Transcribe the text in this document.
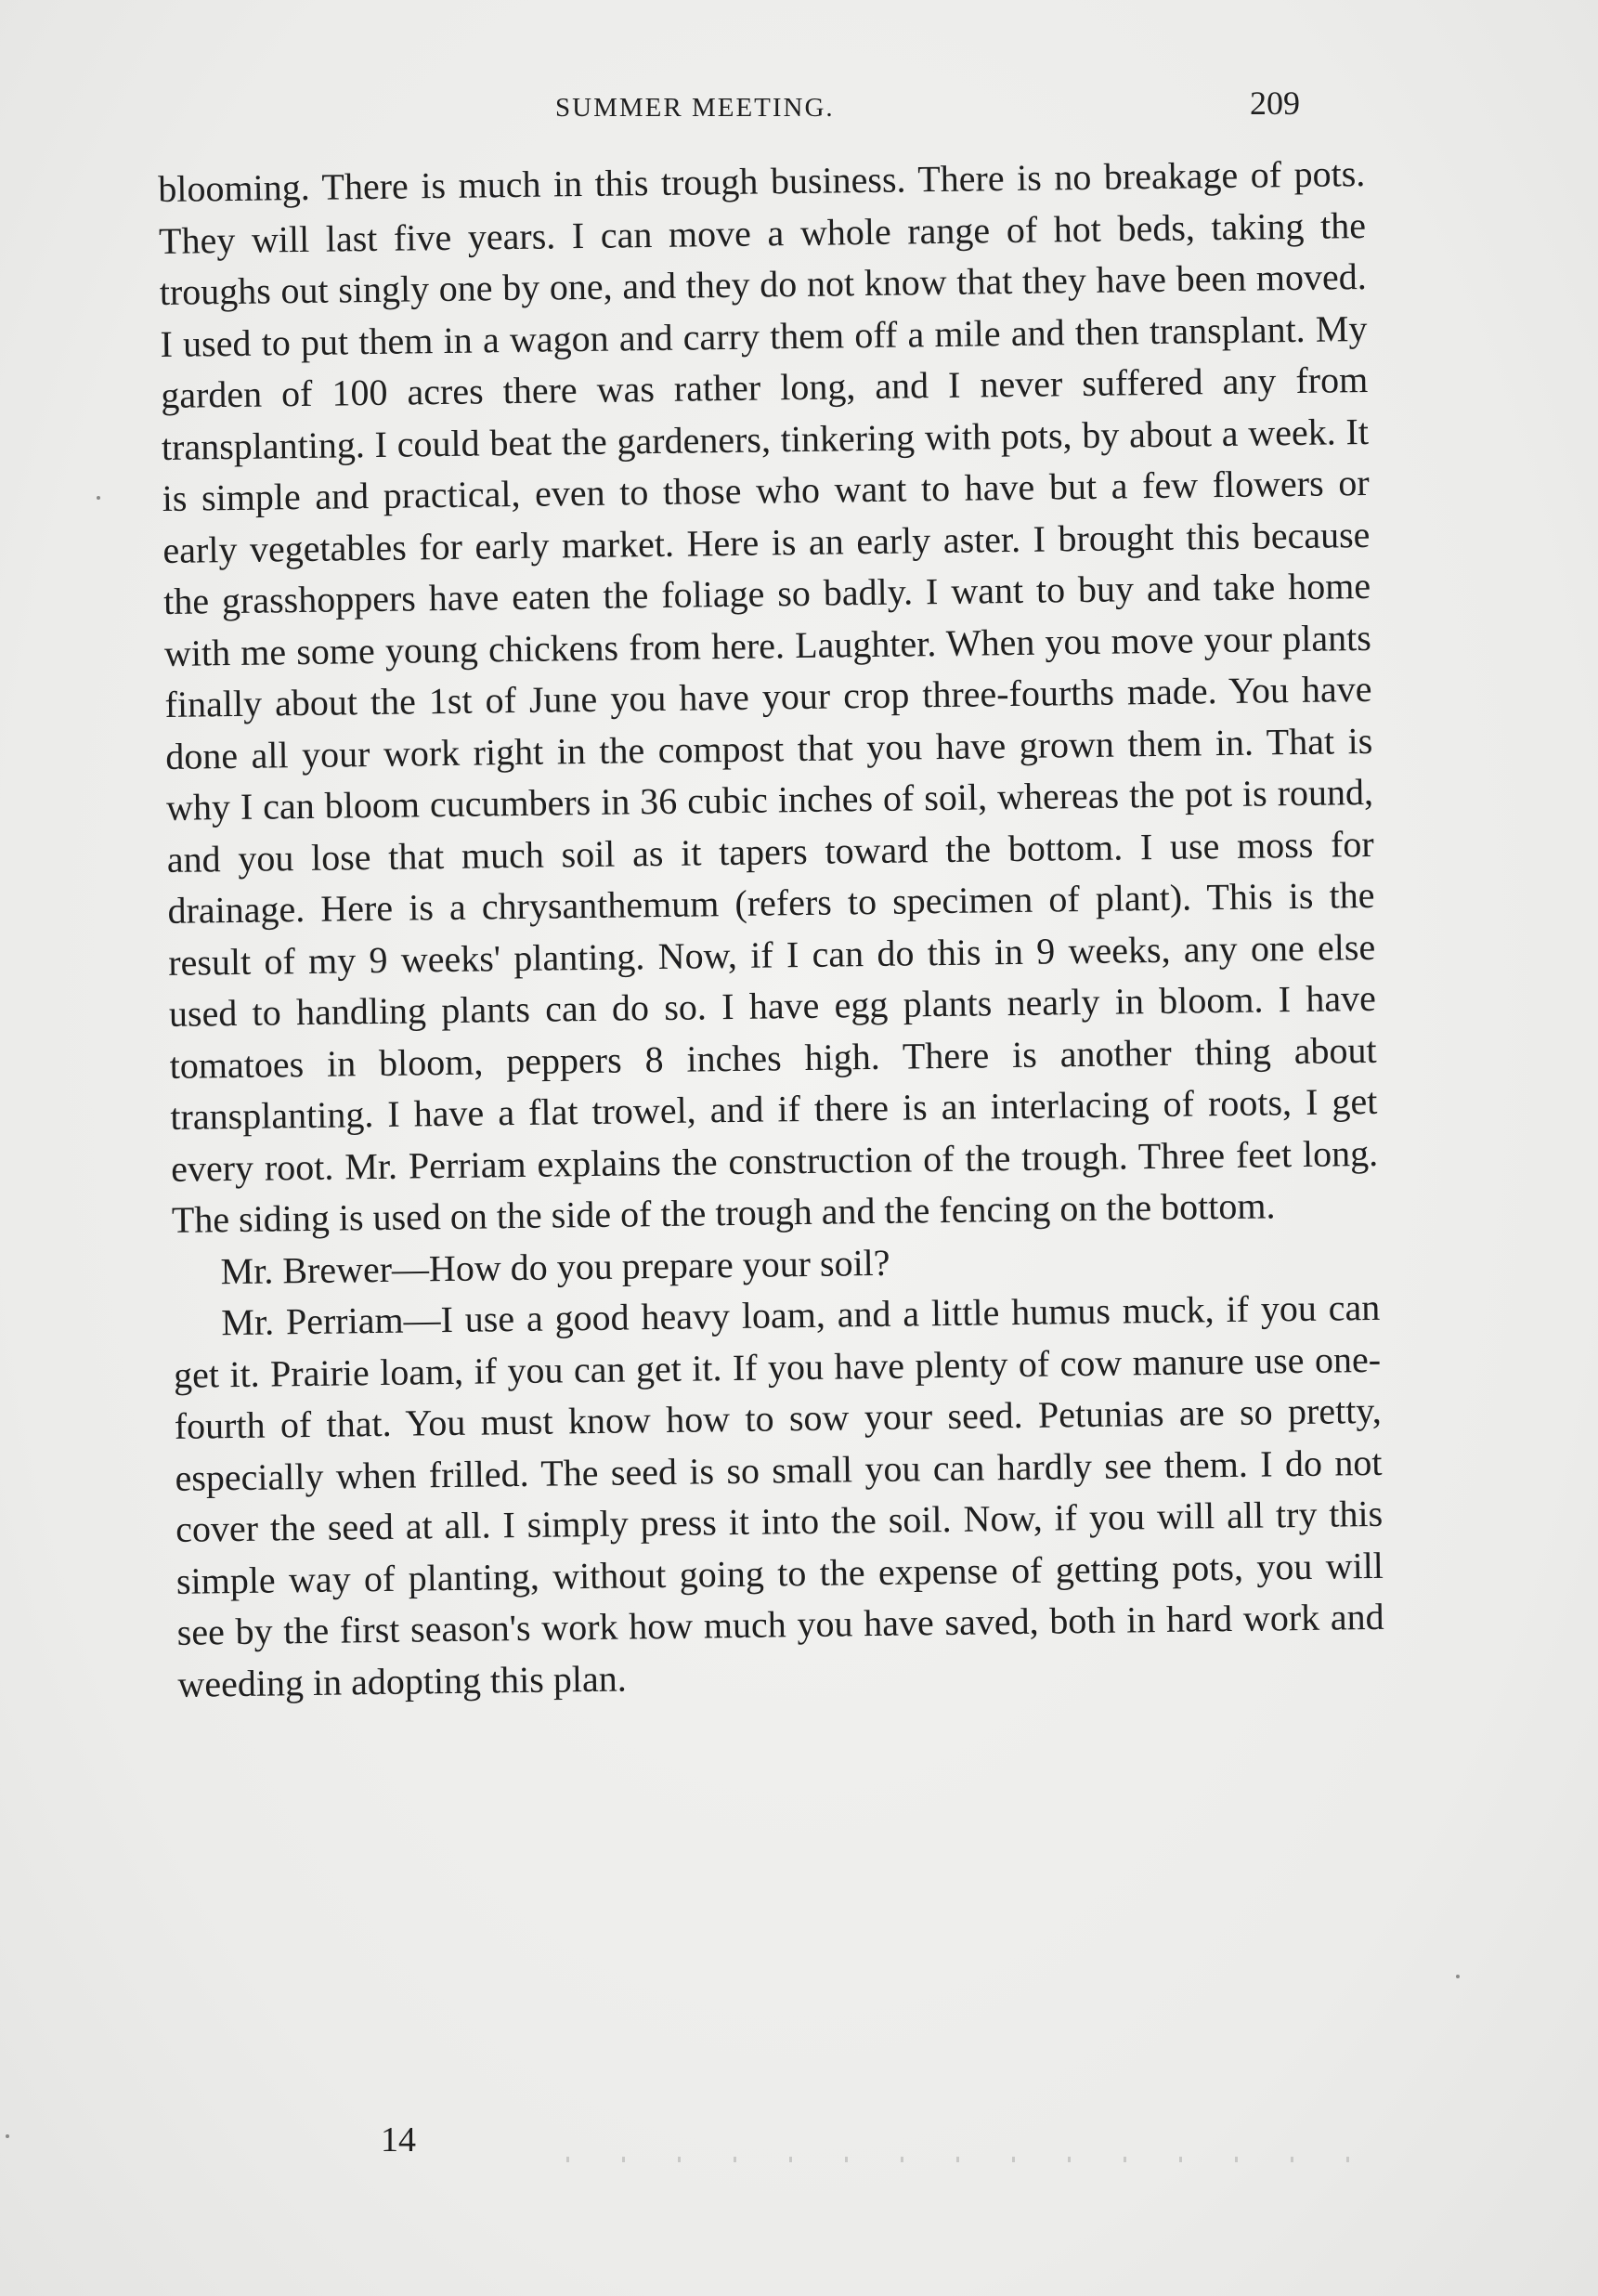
SUMMER MEETING.	209

blooming. There is much in this trough business. There is no breakage of pots. They will last five years. I can move a whole range of hot beds, taking the troughs out singly one by one, and they do not know that they have been moved. I used to put them in a wagon and carry them off a mile and then transplant. My garden of 100 acres there was rather long, and I never suffered any from transplanting. I could beat the gardeners, tinkering with pots, by about a week. It is simple and practical, even to those who want to have but a few flowers or early vegetables for early market. Here is an early aster. I brought this because the grasshoppers have eaten the foliage so badly. I want to buy and take home with me some young chickens from here. Laughter. When you move your plants finally about the 1st of June you have your crop three-fourths made. You have done all your work right in the compost that you have grown them in. That is why I can bloom cucumbers in 36 cubic inches of soil, whereas the pot is round, and you lose that much soil as it tapers toward the bottom. I use moss for drainage. Here is a chrysanthemum (refers to specimen of plant). This is the result of my 9 weeks' planting. Now, if I can do this in 9 weeks, any one else used to handling plants can do so. I have egg plants nearly in bloom. I have tomatoes in bloom, peppers 8 inches high. There is another thing about transplanting. I have a flat trowel, and if there is an interlacing of roots, I get every root. Mr. Perriam explains the construction of the trough. Three feet long. The siding is used on the side of the trough and the fencing on the bottom.

Mr. Brewer—How do you prepare your soil?

Mr. Perriam—I use a good heavy loam, and a little humus muck, if you can get it. Prairie loam, if you can get it. If you have plenty of cow manure use one-fourth of that. You must know how to sow your seed. Petunias are so pretty, especially when frilled. The seed is so small you can hardly see them. I do not cover the seed at all. I simply press it into the soil. Now, if you will all try this simple way of planting, without going to the expense of getting pots, you will see by the first season's work how much you have saved, both in hard work and weeding in adopting this plan.

14
